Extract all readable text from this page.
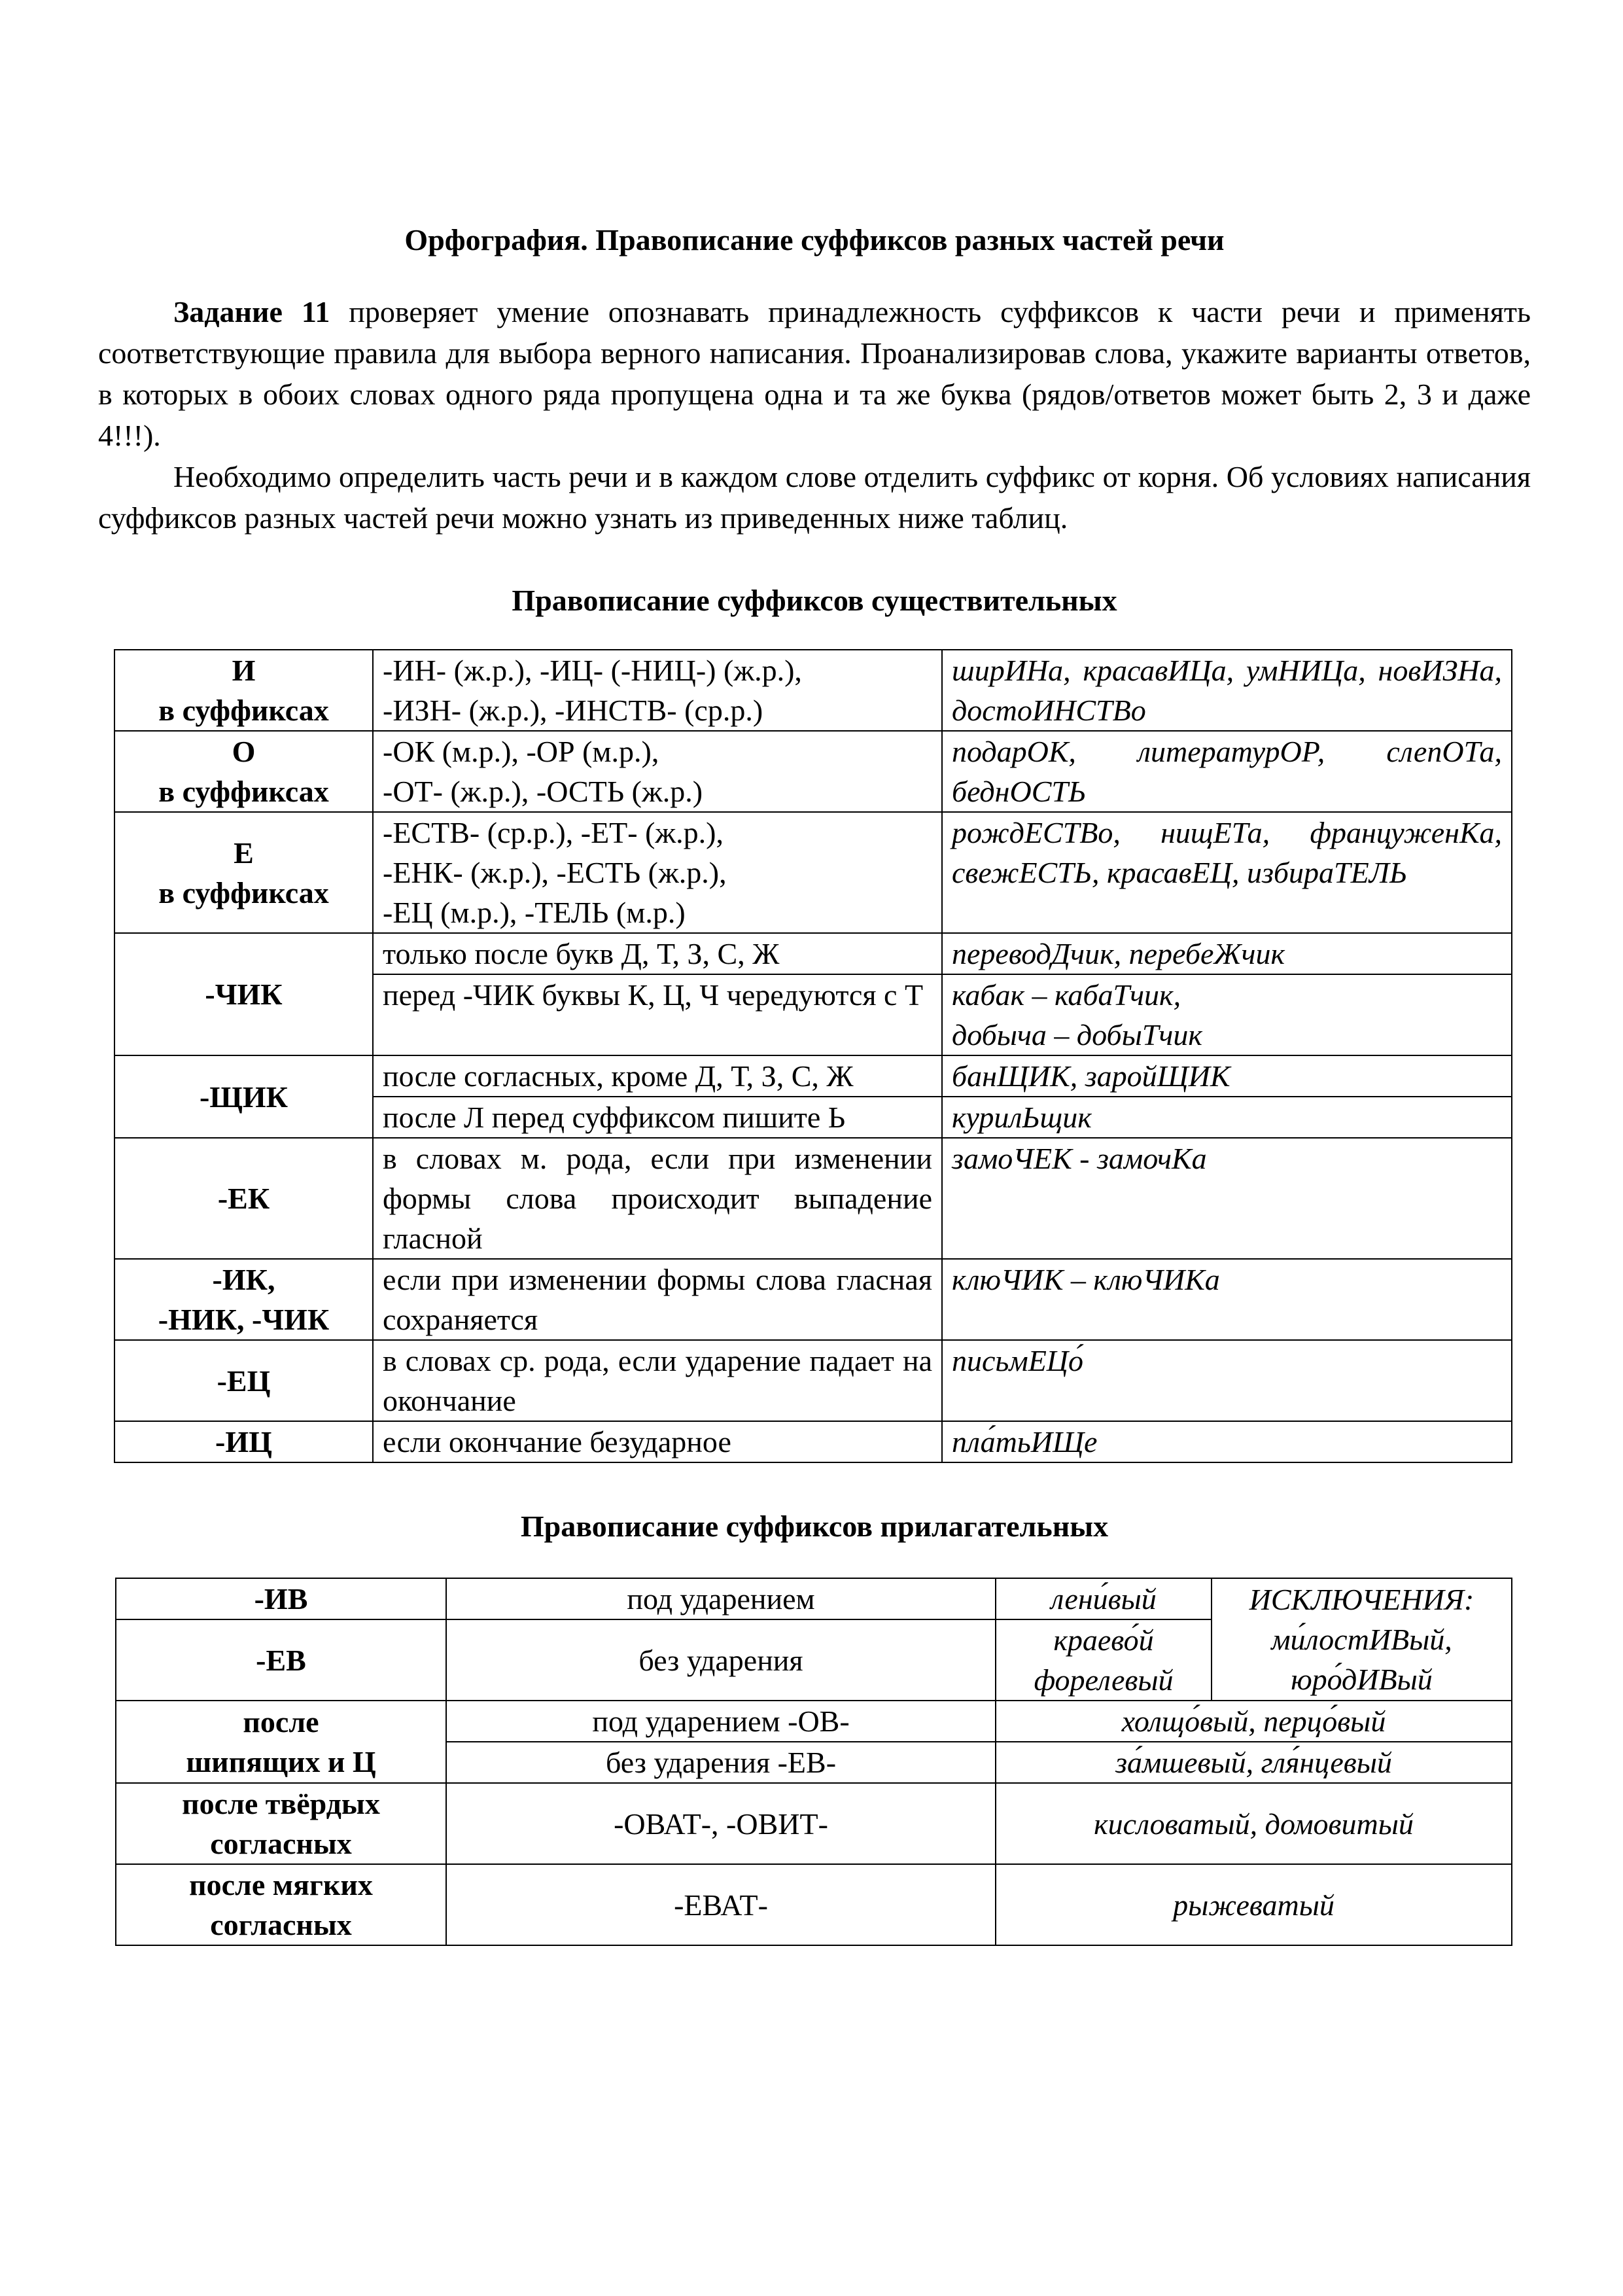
Орфография. Правописание суффиксов разных частей речи

Задание 11 проверяет умение опознавать принадлежность суффиксов к части речи и применять соответствующие правила для выбора верного написания. Проанализировав слова, укажите варианты ответов, в которых в обоих словах одного ряда пропущена одна и та же буква (рядов/ответов может быть 2, 3 и даже 4!!!).

Необходимо определить часть речи и в каждом слове отделить суффикс от корня. Об условиях написания суффиксов разных частей речи можно узнать из приведенных ниже таблиц.

Правописание суффиксов существительных
И
в суффиксах	-ИН- (ж.р.), -ИЦ- (-НИЦ-) (ж.р.),
-ИЗН- (ж.р.), -ИНСТВ- (ср.р.)	ширИНа, красавИЦа, умНИЦа, новИЗНа, достоИНСТВо

О
в суффиксах	-ОК (м.р.), -ОР (м.р.),
-ОТ- (ж.р.), -ОСТЬ (ж.р.)	подарОК, литературОР, слепОТа, беднОСТЬ

Е
в суффиксах	-ЕСТВ- (ср.р.), -ЕТ- (ж.р.),
-ЕНК- (ж.р.), -ЕСТЬ (ж.р.),
-ЕЦ (м.р.), -ТЕЛЬ (м.р.)	рождЕСТВо, нищЕТа, француженКа, свежЕСТЬ, красавЕЦ, избираТЕЛЬ
-ЧИК	только после букв Д, Т, З, С, Ж	переводДчик, перебеЖчик
	перед -ЧИК буквы К, Ц, Ч чередуются с Т	кабак – кабаТчик,
добыча – добыТчик

-ЩИК	после согласных, кроме Д, Т, З, С, Ж	банЩИК, заройЩИК
	после Л перед суффиксом пишите Ь	курилЬщик
-ЕК	в словах м. рода, если при изменении формы слова происходит выпадение гласной	замоЧЕК - замочКа

-ИК,
-НИК, -ЧИК	если при изменении формы слова гласная сохраняется	клюЧИК – клюЧИКа
-ЕЦ	в словах ср. рода, если ударение падает на окончание	письмЕЦо́
-ИЦ	если окончание безударное	пла́тьИЩе
Правописание суффиксов прилагательных
-ИВ	под ударением	лени́вый	ИСКЛЮЧЕНИЯ:
ми́лостИВый,
юро́дИВый

-ЕВ	без ударения	краево́й
форелевый	

после
шипящих и Ц	под ударением -ОВ-	холщо́вый, перцо́вый	
	без ударения -ЕВ-	за́мшевый, гля́нцевый	

после твёрдых
согласных	-ОВАТ-, -ОВИТ-	кисловатый, домовитый	

после мягких
согласных	-ЕВАТ-	рыжеватый	
